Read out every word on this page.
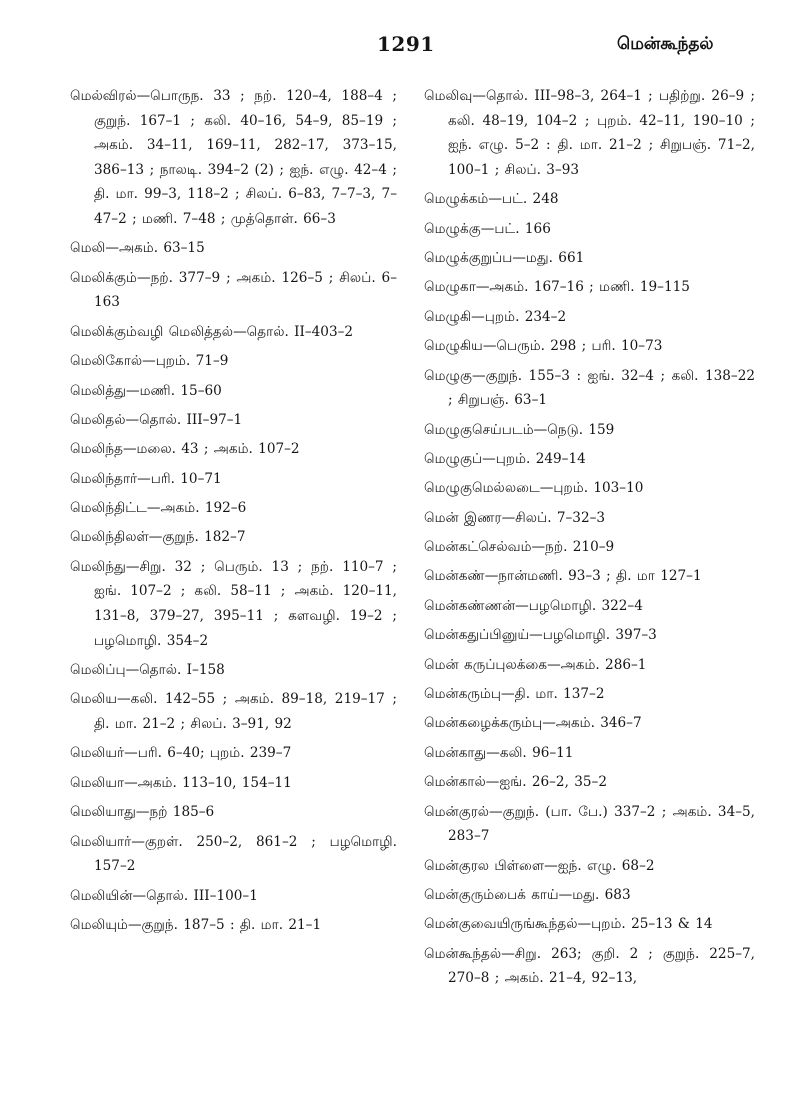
1291	மென்கூந்தல்

மெல்விரல்—பொருந. 33 ; நற். 120–4, 188–4 ; குறுந். 167–1 ; கலி. 40–16, 54–9, 85–19 ; அகம். 34–11, 169–11, 282–17, 373–15, 386–13 ; நாலடி. 394–2 (2) ; ஐந். எழு. 42–4 ; தி. மா. 99–3, 118–2 ; சிலப். 6–83, 7–7–3, 7–47–2 ; மணி. 7–48 ; முத்தொள். 66–3

மெலி—அகம். 63–15

மெலிக்கும்—நற். 377–9 ; அகம். 126–5 ; சிலப். 6–163

மெலிக்கும்வழி மெலித்தல்—தொல். II–403–2

மெலிகோல்—புறம். 71–9

மெலித்து—மணி. 15–60

மெலிதல்—தொல். III–97–1

மெலிந்த—மலை. 43 ; அகம். 107–2

மெலிந்தார்—பரி. 10–71

மெலிந்திட்ட—அகம். 192–6

மெலிந்திலள்—குறுந். 182–7

மெலிந்து—சிறு. 32 ; பெரும். 13 ; நற். 110–7 ; ஐங். 107–2 ; கலி. 58–11 ; அகம். 120–11, 131–8, 379–27, 395–11 ; களவழி. 19–2 ; பழமொழி. 354–2

மெலிப்பு—தொல். I–158

மெலிய—கலி. 142–55 ; அகம். 89–18, 219–17 ; தி. மா. 21–2 ; சிலப். 3–91, 92

மெலியர்—பரி. 6–40; புறம். 239–7

மெலியா—அகம். 113–10, 154–11

மெலியாது—நற் 185–6

மெலியார்—குறள். 250–2, 861–2 ; பழமொழி. 157–2

மெலியின்—தொல். III–100–1

மெலியும்—குறுந். 187–5 : தி. மா. 21–1

மெலிவு—தொல். III–98–3, 264–1 ; பதிற்று. 26–9 ; கலி. 48–19, 104–2 ; புறம். 42–11, 190–10 ; ஐந். எழு. 5–2 : தி. மா. 21–2 ; சிறுபஞ். 71–2, 100–1 ; சிலப். 3–93

மெழுக்கம்—பட். 248

மெழுக்கு—பட். 166

மெழுக்குறுப்ப—மது. 661

மெழுகா—அகம். 167–16 ; மணி. 19–115

மெழுகி—புறம். 234–2

மெழுகிய—பெரும். 298 ; பரி. 10–73

மெழுகு—குறுந். 155–3 : ஐங். 32–4 ; கலி. 138–22 ; சிறுபஞ். 63–1

மெழுகுசெய்படம்—நெடு. 159

மெழுகுப்—புறம். 249–14

மெழுகுமெல்லடை—புறம். 103–10

மென் இணர—சிலப். 7–32–3

மென்கட்செல்வம்—நற். 210–9

மென்கண்—நான்மணி. 93–3 ; தி. மா 127–1

மென்கண்ணன்—பழமொழி. 322–4

மென்கதுப்பினுய்—பழமொழி. 397–3

மென் கருப்புலக்கை—அகம். 286–1

மென்கரும்பு—தி. மா. 137–2

மென்கழைக்கரும்பு—அகம். 346–7

மென்காது—கலி. 96–11

மென்கால்—ஐங். 26–2, 35–2

மென்குரல்—குறுந். (பா. பே.) 337–2 ; அகம். 34–5, 283–7

மென்குரல பிள்ளை—ஐந். எழு. 68–2

மென்குரும்பைக் காய்—மது. 683

மென்குவையிருங்கூந்தல்—புறம். 25–13 & 14

மென்கூந்தல்—சிறு. 263; குறி. 2 ; குறுந். 225–7, 270–8 ; அகம். 21–4, 92–13,
